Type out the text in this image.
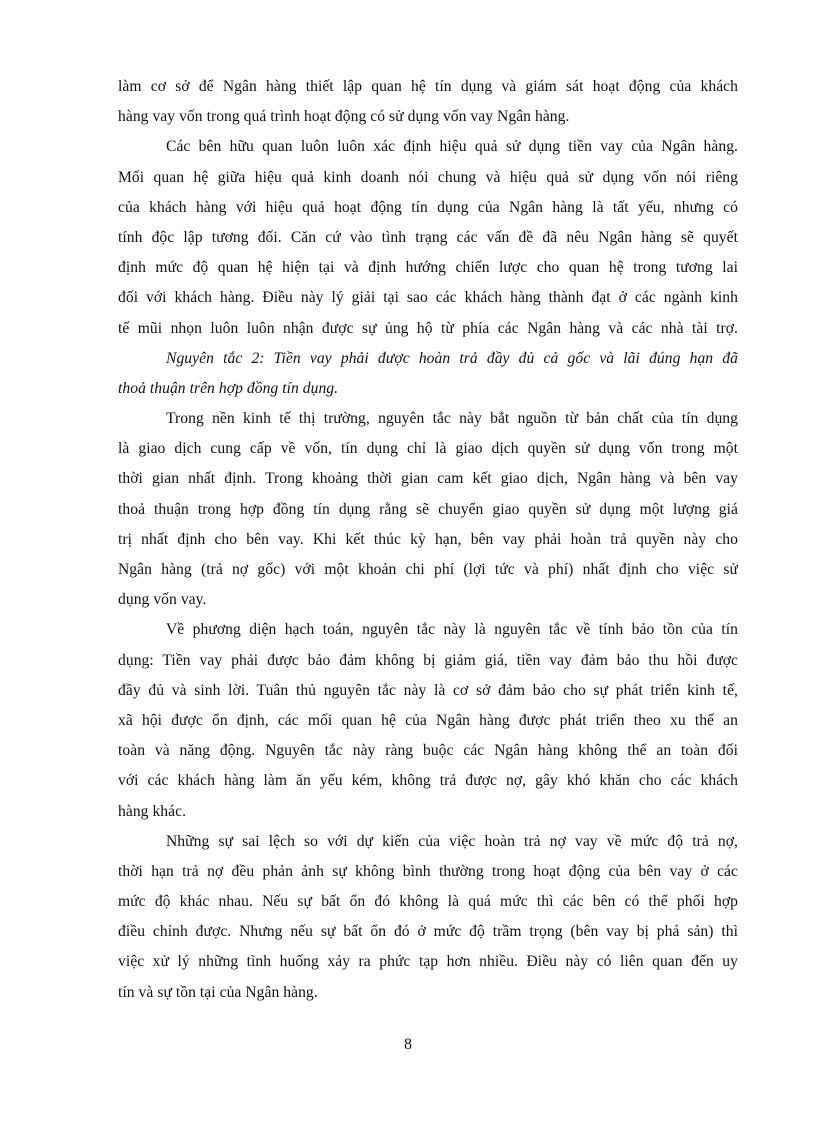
làm cơ sở để Ngân hàng thiết lập quan hệ tín dụng và giám sát hoạt động của khách
hàng vay vốn trong quá trình hoạt động có sử dụng vốn vay Ngân hàng.
Các bên hữu quan luôn luôn xác định hiệu quả sử dụng tiền vay của Ngân hàng.
Mối quan hệ giữa hiệu quả kinh doanh nói chung và hiệu quả sử dụng vốn nói riêng
của khách hàng với hiệu quả hoạt động tín dụng của Ngân hàng là tất yếu, nhưng có
tính độc lập tương đối. Căn cứ vào tình trạng các vấn đề đã nêu Ngân hàng sẽ quyết
định mức độ quan hệ hiện tại và định hướng chiến lược cho quan hệ trong tương lai
đối với khách hàng. Điều này lý giải tại sao các khách hàng thành đạt ở các ngành kinh
tế mũi nhọn luôn luôn nhận được sự ủng hộ từ phía các Ngân hàng và các nhà tài trợ.
Nguyên tắc 2: Tiền vay phải được hoàn trả đầy đủ cả gốc và lãi đúng hạn đã
thoả thuận trên hợp đồng tín dụng.
Trong nền kinh tế thị trường, nguyên tắc này bắt nguồn từ bản chất của tín dụng
là giao dịch cung cấp về vốn, tín dụng chỉ là giao dịch quyền sử dụng vốn trong một
thời gian nhất định. Trong khoảng thời gian cam kết giao dịch, Ngân hàng và bên vay
thoả thuận trong hợp đồng tín dụng rằng sẽ chuyển giao quyền sử dụng một lượng giá
trị nhất định cho bên vay. Khi kết thúc kỳ hạn, bên vay phải hoàn trả quyền này cho
Ngân hàng (trả nợ gốc) với một khoản chi phí (lợi tức và phí) nhất định cho việc sử
dụng vốn vay.
Về phương diện hạch toán, nguyên tắc này là nguyên tắc về tính bảo tồn của tín
dụng: Tiền vay phải được bảo đảm không bị giảm giá, tiền vay đảm bảo thu hồi được
đầy đủ và sinh lời. Tuân thủ nguyên tắc này là cơ sở đảm bảo cho sự phát triển kinh tế,
xã hội được ổn định, các mối quan hệ của Ngân hàng được phát triển theo xu thế an
toàn và năng động. Nguyên tắc này ràng buộc các Ngân hàng không thể an toàn đối
với các khách hàng làm ăn yếu kém, không trả được nợ, gây khó khăn cho các khách
hàng khác.
Những sự sai lệch so với dự kiến của việc hoàn trả nợ vay về mức độ trả nợ,
thời hạn trả nợ đều phản ảnh sự không bình thường trong hoạt động của bên vay ở các
mức độ khác nhau. Nếu sự bất ổn đó không là quá mức thì các bên có thể phối hợp
điều chỉnh được. Nhưng nếu sự bất ổn đó ở mức độ trầm trọng (bên vay bị phá sản) thì
việc xử lý những tình huống xảy ra phức tạp hơn nhiều. Điều này có liên quan đến uy
tín và sự tồn tại của Ngân hàng.
8
